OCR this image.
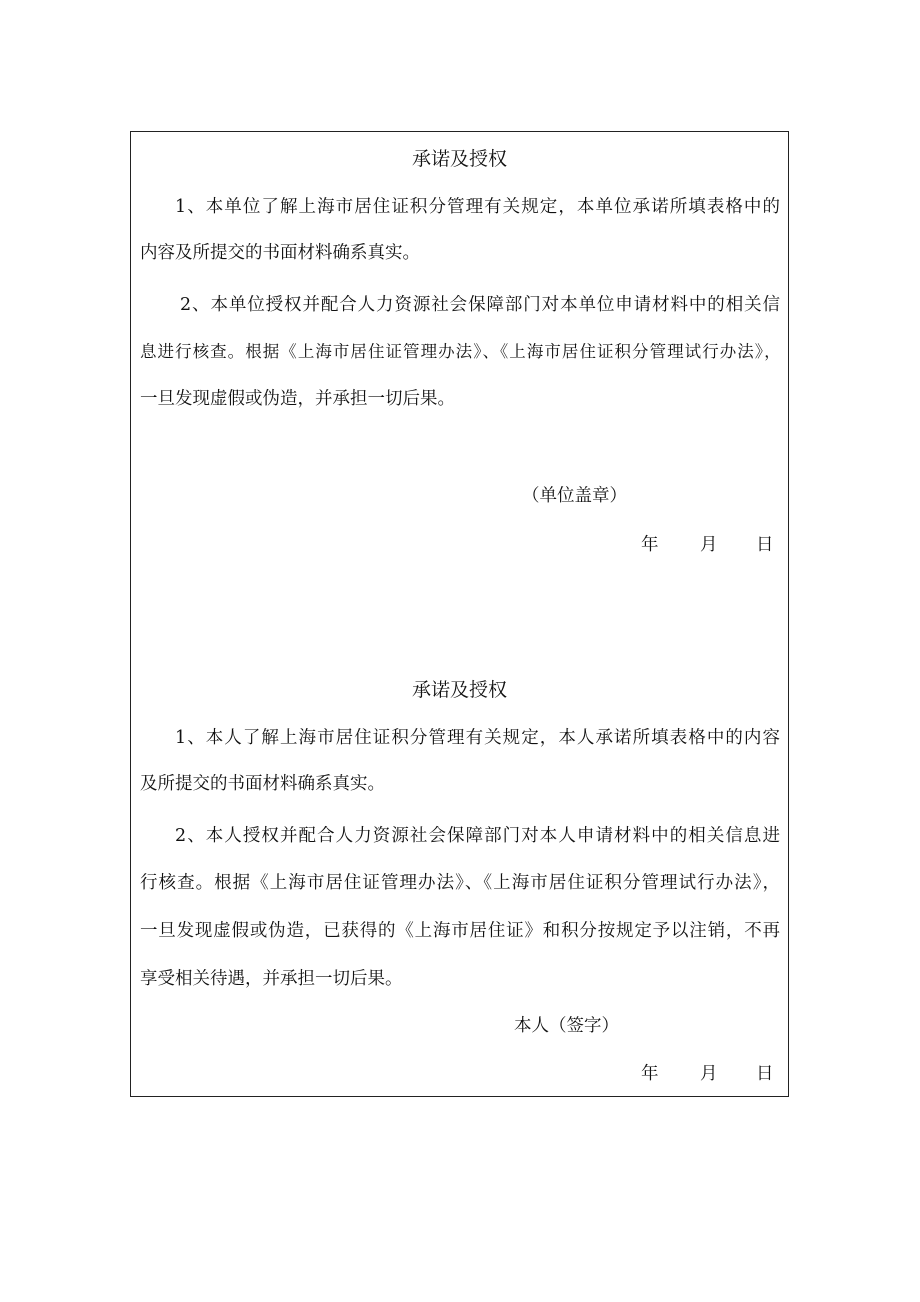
承诺及授权
1、本单位了解上海市居住证积分管理有关规定，本单位承诺所填表格中的
内容及所提交的书面材料确系真实。
2、本单位授权并配合人力资源社会保障部门对本单位申请材料中的相关信
息进行核查。根据《上海市居住证管理办法》、《上海市居住证积分管理试行办法》，
一旦发现虚假或伪造，并承担一切后果。
（单位盖章）
年 月 日
承诺及授权
1、本人了解上海市居住证积分管理有关规定，本人承诺所填表格中的内容
及所提交的书面材料确系真实。
2、本人授权并配合人力资源社会保障部门对本人申请材料中的相关信息进
行核查。根据《上海市居住证管理办法》、《上海市居住证积分管理试行办法》，
一旦发现虚假或伪造，已获得的《上海市居住证》和积分按规定予以注销，不再
享受相关待遇，并承担一切后果。
本人（签字）
年 月 日
